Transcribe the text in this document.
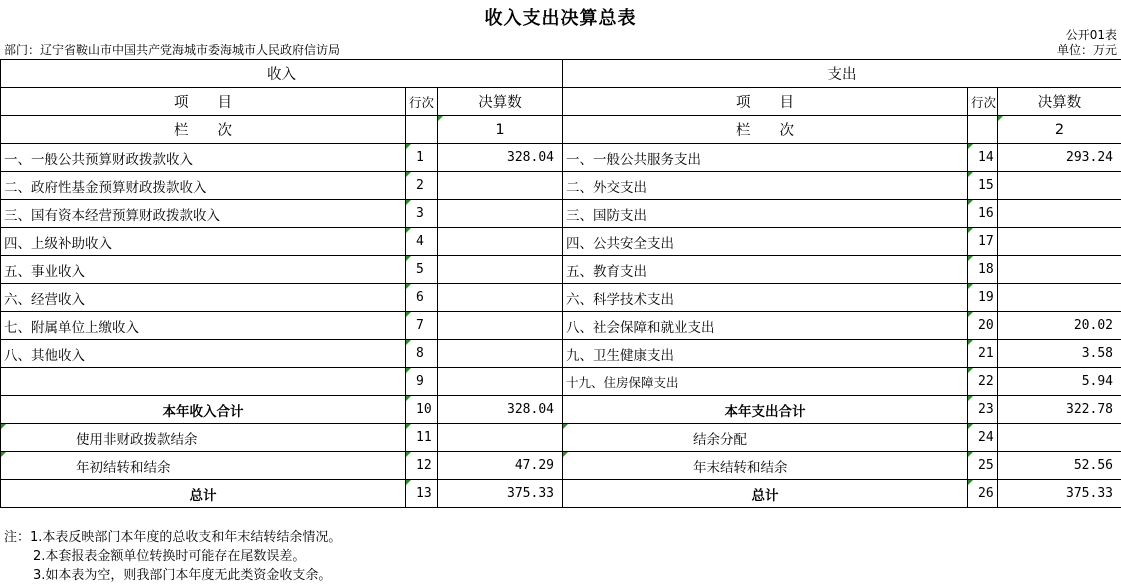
收入支出决算总表
公开01表
部门：辽宁省鞍山市中国共产党海城市委海城市人民政府信访局	单位：万元
收入			支出		
项　　目	行次	决算数	项　　目	行次	决算数
栏　　次		1	栏　　次		2
一、一般公共预算财政拨款收入	1	328.04	一、一般公共服务支出	14	293.24
二、政府性基金预算财政拨款收入	2		二、外交支出	15	
三、国有资本经营预算财政拨款收入	3		三、国防支出	16	
四、上级补助收入	4		四、公共安全支出	17	
五、事业收入	5		五、教育支出	18	
六、经营收入	6		六、科学技术支出	19	
七、附属单位上缴收入	7		八、社会保障和就业支出	20	20.02
八、其他收入	8		九、卫生健康支出	21	3.58
	9		十九、住房保障支出	22	5.94
本年收入合计	10	328.04	本年支出合计	23	322.78
使用非财政拨款结余	11		结余分配	24	
年初结转和结余	12	47.29	年末结转和结余	25	52.56
总计	13	375.33	总计	26	375.33
注：1.本表反映部门本年度的总收支和年末结转结余情况。
2.本套报表金额单位转换时可能存在尾数误差。
3.如本表为空，则我部门本年度无此类资金收支余。
